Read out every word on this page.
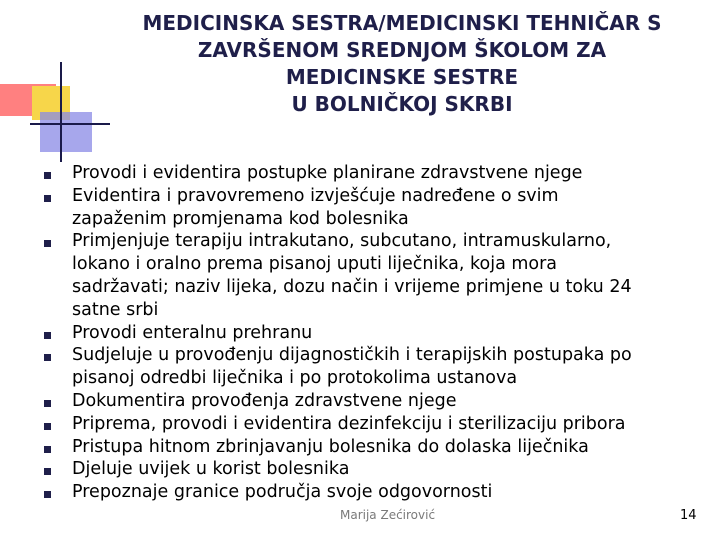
MEDICINSKA SESTRA/MEDICINSKI TEHNIČAR S
ZAVRŠENOM SREDNJOM ŠKOLOM ZA
MEDICINSKE SESTRE
U BOLNIČKOJ SKRBI
Provodi i evidentira postupke planirane zdravstvene njege
Evidentira i pravovremeno izvješćuje nadređene o svim
zapaženim promjenama kod bolesnika
Primjenjuje terapiju intrakutano, subcutano, intramuskularno,
lokano i oralno prema pisanoj uputi liječnika, koja mora
sadržavati; naziv lijeka, dozu način i vrijeme primjene u toku 24
satne srbi
Provodi enteralnu prehranu
Sudjeluje u provođenju dijagnostičkih i terapijskih postupaka po
pisanoj odredbi liječnika i po protokolima ustanova
Dokumentira provođenja zdravstvene njege
Priprema, provodi i evidentira dezinfekciju i sterilizaciju pribora
Pristupa hitnom zbrinjavanju bolesnika do dolaska liječnika
Djeluje uvijek u korist bolesnika
Prepoznaje granice područja svoje odgovornosti
Marija Zećirović	14
